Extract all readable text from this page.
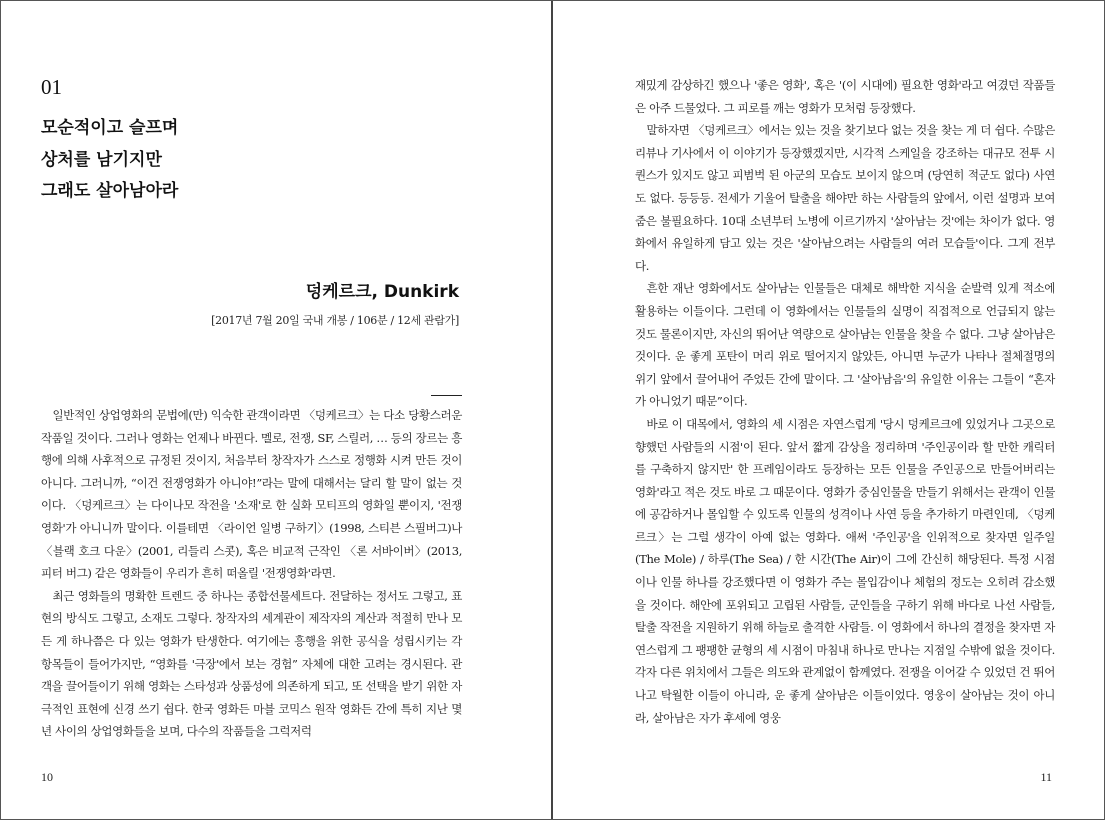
01
모순적이고 슬프며
상처를 남기지만
그래도 살아남아라
덩케르크, Dunkirk
[2017년 7월 20일 국내 개봉 / 106분 / 12세 관람가]

일반적인 상업영화의 문법에(만) 익숙한 관객이라면 〈덩케르크〉는 다소 당황스러운 작품일 것이다. 그러나 영화는 언제나 바뀐다. 멜로, 전쟁, SF, 스릴러, … 등의 장르는 흥행에 의해 사후적으로 규정된 것이지, 처음부터 창작자가 스스로 정행화 시켜 만든 것이 아니다. 그러니까, “이건 전쟁영화가 아니야!”라는 말에 대해서는 달리 할 말이 없는 것이다. 〈덩케르크〉는 다이나모 작전을 '소재'로 한 실화 모티프의 영화일 뿐이지, '전쟁영화'가 아니니까 말이다. 이를테면 〈라이언 일병 구하기〉(1998, 스티븐 스필버그)나 〈블랙 호크 다운〉(2001, 리들리 스콧), 혹은 비교적 근작인 〈론 서바이버〉(2013, 피터 버그) 같은 영화들이 우리가 흔히 떠올릴 '전쟁영화'라면.

최근 영화들의 명확한 트렌드 중 하나는 종합선물세트다. 전달하는 정서도 그렇고, 표현의 방식도 그렇고, 소재도 그렇다. 창작자의 세계관이 제작자의 계산과 적절히 만나 모든 게 하나쯤은 다 있는 영화가 탄생한다. 여기에는 흥행을 위한 공식을 성립시키는 각 항목들이 들어가지만, “영화를 '극장'에서 보는 경험” 자체에 대한 고려는 경시된다. 관객을 끌어들이기 위해 영화는 스타성과 상품성에 의존하게 되고, 또 선택을 받기 위한 자극적인 표현에 신경 쓰기 쉽다. 한국 영화든 마블 코믹스 원작 영화든 간에 특히 지난 몇 년 사이의 상업영화들을 보며, 다수의 작품들을 그럭저럭

10

재밌게 감상하긴 했으나 '좋은 영화', 혹은 '(이 시대에) 필요한 영화'라고 여겼던 작품들은 아주 드물었다. 그 피로를 깨는 영화가 모처럼 등장했다.

말하자면 〈덩케르크〉에서는 있는 것을 찾기보다 없는 것을 찾는 게 더 쉽다. 수많은 리뷰나 기사에서 이 이야기가 등장했겠지만, 시각적 스케일을 강조하는 대규모 전투 시퀀스가 있지도 않고 피범벅 된 아군의 모습도 보이지 않으며 (당연히 적군도 없다) 사연도 없다. 등등등. 전세가 기울어 탈출을 해야만 하는 사람들의 앞에서, 이런 설명과 보여줌은 불필요하다. 10대 소년부터 노병에 이르기까지 '살아남는 것'에는 차이가 없다. 영화에서 유일하게 담고 있는 것은 '살아남으려는 사람들의 여러 모습들'이다. 그게 전부다.

흔한 재난 영화에서도 살아남는 인물들은 대체로 해박한 지식을 순발력 있게 적소에 활용하는 이들이다. 그런데 이 영화에서는 인물들의 실명이 직접적으로 언급되지 않는 것도 물론이지만, 자신의 뛰어난 역량으로 살아남는 인물을 찾을 수 없다. 그냥 살아남은 것이다. 운 좋게 포탄이 머리 위로 떨어지지 않았든, 아니면 누군가 나타나 절체절명의 위기 앞에서 끌어내어 주었든 간에 말이다. 그 '살아남음'의 유일한 이유는 그들이 “혼자가 아니었기 때문”이다.

바로 이 대목에서, 영화의 세 시점은 자연스럽게 '당시 덩케르크에 있었거나 그곳으로 향했던 사람들의 시점'이 된다. 앞서 짧게 감상을 정리하며 '주인공이라 할 만한 캐릭터를 구축하지 않지만' 한 프레임이라도 등장하는 모든 인물을 주인공으로 만들어버리는 영화'라고 적은 것도 바로 그 때문이다. 영화가 중심인물을 만들기 위해서는 관객이 인물에 공감하거나 몰입할 수 있도록 인물의 성격이나 사연 등을 추가하기 마련인데, 〈덩케르크〉는 그럴 생각이 아예 없는 영화다. 애써 '주인공'을 인위적으로 찾자면 일주일(The Mole) / 하루(The Sea) / 한 시간(The Air)이 그에 간신히 해당된다. 특정 시점이나 인물 하나를 강조했다면 이 영화가 주는 몰입감이나 체험의 정도는 오히려 감소했을 것이다. 해안에 포위되고 고립된 사람들, 군인들을 구하기 위해 바다로 나선 사람들, 탈출 작전을 지원하기 위해 하늘로 출격한 사람들. 이 영화에서 하나의 결정을 찾자면 자연스럽게 그 팽팽한 균형의 세 시점이 마침내 하나로 만나는 지점일 수밖에 없을 것이다. 각자 다른 위치에서 그들은 의도와 관계없이 함께였다. 전쟁을 이어갈 수 있었던 건 뛰어나고 탁월한 이들이 아니라, 운 좋게 살아남은 이들이었다. 영웅이 살아남는 것이 아니라, 살아남은 자가 후세에 영웅

11
